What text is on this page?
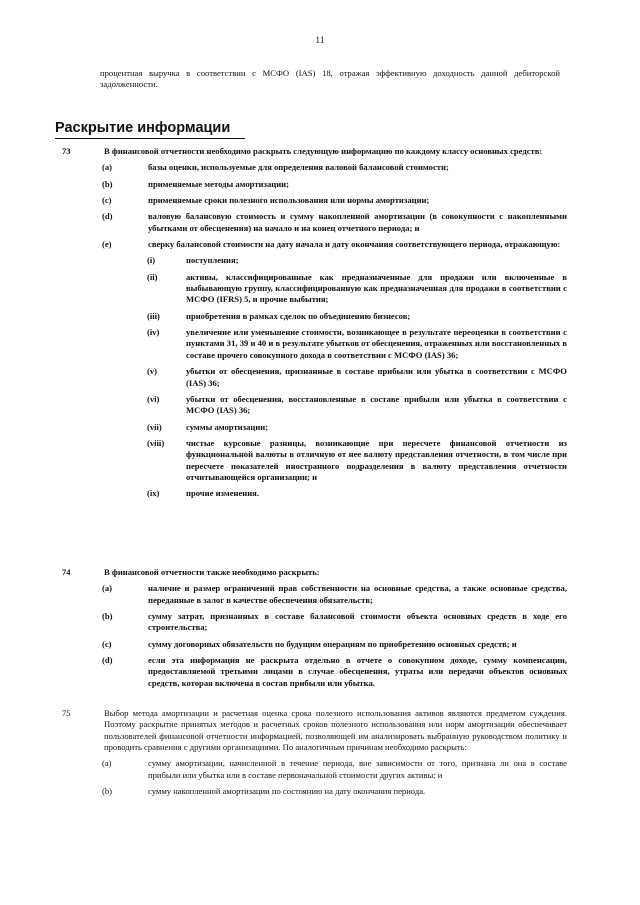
11
процентная выручка в соответствии с МСФО (IAS) 18, отражая эффективную доходность данной дебиторской задолженности.
Раскрытие информации
73	В финансовой отчетности необходимо раскрыть следующую информацию по каждому классу основных средств:
(a)	базы оценки, используемые для определения валовой балансовой стоимости;
(b)	применяемые методы амортизации;
(c)	применяемые сроки полезного использования или нормы амортизации;
(d)	валовую балансовую стоимость и сумму накопленной амортизации (в совокупности с накопленными убытками от обесценения) на начало и на конец отчетного периода; и
(e)	сверку балансовой стоимости на дату начала и дату окончания соответствующего периода, отражающую:
(i)	поступления;
(ii)	активы, классифицированные как предназначенные для продажи или включенные в выбывающую группу, классифицированную как предназначенная для продажи в соответствии с МСФО (IFRS) 5, и прочие выбытия;
(iii)	приобретения в рамках сделок по объединению бизнесов;
(iv)	увеличение или уменьшение стоимости, возникающее в результате переоценки в соответствии с пунктами 31, 39 и 40 и в результате убытков от обесценения, отраженных или восстановленных в составе прочего совокупного дохода в соответствии с МСФО (IAS) 36;
(v)	убытки от обесценения, признанные в составе прибыли или убытка в соответствии с МСФО (IAS) 36;
(vi)	убытки от обесценения, восстановленные в составе прибыли или убытка в соответствии с МСФО (IAS) 36;
(vii)	суммы амортизации;
(viii)	чистые курсовые разницы, возникающие при пересчете финансовой отчетности из функциональной валюты в отличную от нее валюту представления отчетности, в том числе при пересчете показателей иностранного подразделения в валюту представления отчетности отчитывающейся организации; и
(ix)	прочие изменения.
74	В финансовой отчетности также необходимо раскрыть:
(a)	наличие и размер ограничений прав собственности на основные средства, а также основные средства, переданные в залог в качестве обеспечения обязательств;
(b)	сумму затрат, признанных в составе балансовой стоимости объекта основных средств в ходе его строительства;
(c)	сумму договорных обязательств по будущим операциям по приобретению основных средств; и
(d)	если эта информация не раскрыта отдельно в отчете о совокупном доходе, сумму компенсации, предоставляемой третьими лицами в случае обесценения, утраты или передачи объектов основных средств, которая включена в состав прибыли или убытка.
75	Выбор метода амортизации и расчетная оценка срока полезного использования активов являются предметом суждения. Поэтому раскрытие принятых методов и расчетных сроков полезного использования или норм амортизации обеспечивает пользователей финансовой отчетности информацией, позволяющей им анализировать выбранную руководством политику и проводить сравнения с другими организациями. По аналогичным причинам необходимо раскрыть:
(a)	сумму амортизации, начисленной в течение периода, вне зависимости от того, признана ли она в составе прибыли или убытка или в составе первоначальной стоимости других активы; и
(b)	сумму накопленной амортизации по состоянию на дату окончания периода.
